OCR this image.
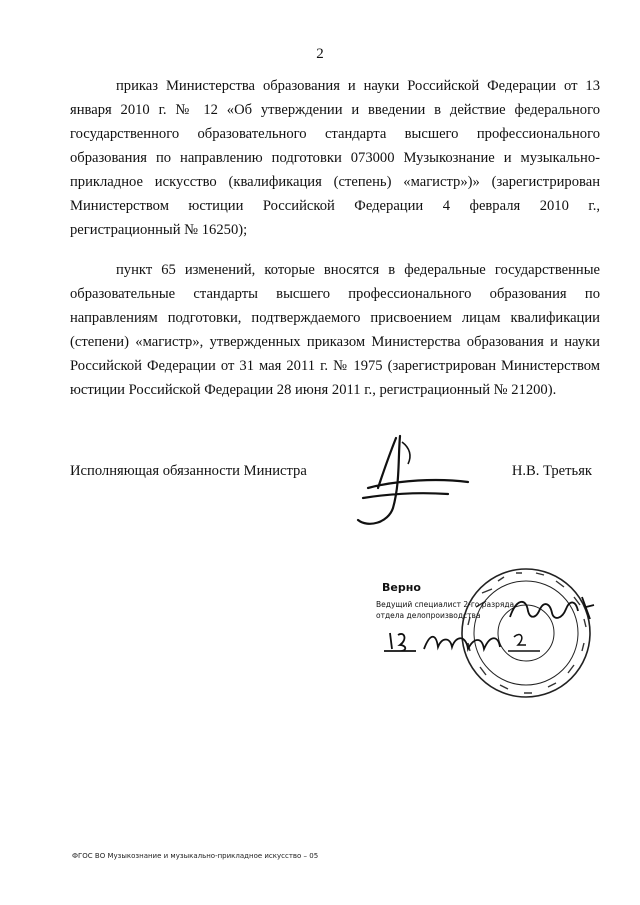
2

приказ Министерства образования и науки Российской Федерации от 13 января 2010 г. № 12 «Об утверждении и введении в действие федерального государственного образовательного стандарта высшего профессионального образования по направлению подготовки 073000 Музыкознание и музыкально-прикладное искусство (квалификация (степень) «магистр»)» (зарегистрирован Министерством юстиции Российской Федерации 4 февраля 2010 г., регистрационный № 16250);

пункт 65 изменений, которые вносятся в федеральные государственные образовательные стандарты высшего профессионального образования по направлениям подготовки, подтверждаемого присвоением лицам квалификации (степени) «магистр», утвержденных приказом Министерства образования и науки Российской Федерации от 31 мая 2011 г. № 1975 (зарегистрирован Министерством юстиции Российской Федерации 28 июня 2011 г., регистрационный № 21200).

Исполняющая обязанности Министра	Н.В. Третьяк
Верно
Ведущий специалист 2-го разряда
отдела делопроизводства
ФГОС ВО Музыкознание и музыкально-прикладное искусство – 05
